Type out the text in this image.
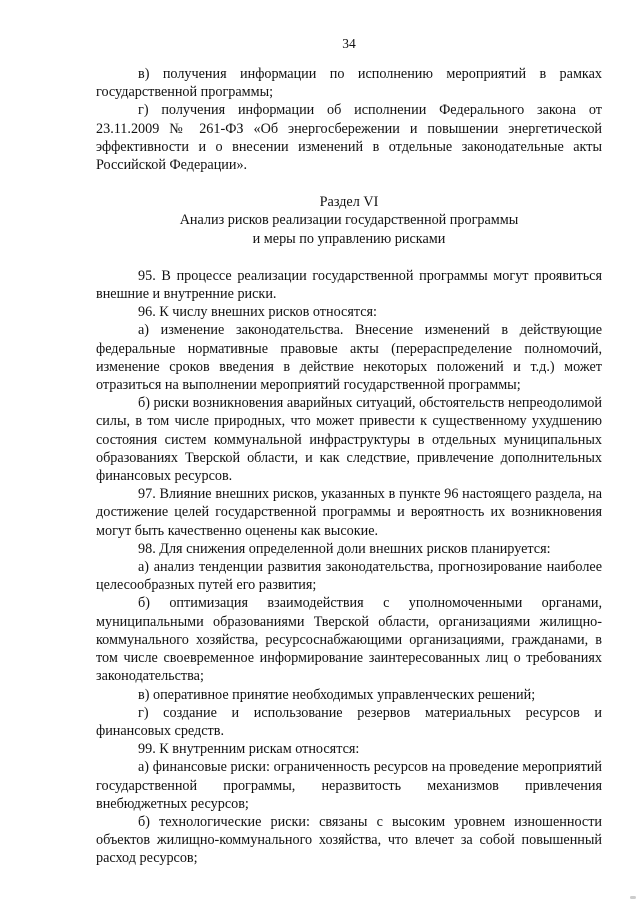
34

в) получения информации по исполнению мероприятий в рамках государственной программы;

г) получения информации об исполнении Федерального закона от 23.11.2009 № 261-ФЗ «Об энергосбережении и повышении энергетической эффективности и о внесении изменений в отдельные законодательные акты Российской Федерации».

Раздел VI

Анализ рисков реализации государственной программы

и меры по управлению рисками

95. В процессе реализации государственной программы могут проявиться внешние и внутренние риски.

96. К числу внешних рисков относятся:

а) изменение законодательства. Внесение изменений в действующие федеральные нормативные правовые акты (перераспределение полномочий, изменение сроков введения в действие некоторых положений и т.д.) может отразиться на выполнении мероприятий государственной программы;

б) риски возникновения аварийных ситуаций, обстоятельств непреодолимой силы, в том числе природных, что может привести к существенному ухудшению состояния систем коммунальной инфраструктуры в отдельных муниципальных образованиях Тверской области, и как следствие, привлечение дополнительных финансовых ресурсов.

97. Влияние внешних рисков, указанных в пункте 96 настоящего раздела, на достижение целей государственной программы и вероятность их возникновения могут быть качественно оценены как высокие.

98. Для снижения определенной доли внешних рисков планируется:

а) анализ тенденции развития законодательства, прогнозирование наиболее целесообразных путей его развития;

б) оптимизация взаимодействия с уполномоченными органами, муниципальными образованиями Тверской области, организациями жилищно-коммунального хозяйства, ресурсоснабжающими организациями, гражданами, в том числе своевременное информирование заинтересованных лиц о требованиях законодательства;

в) оперативное принятие необходимых управленческих решений;

г) создание и использование резервов материальных ресурсов и финансовых средств.

99. К внутренним рискам относятся:

а) финансовые риски: ограниченность ресурсов на проведение мероприятий государственной программы, неразвитость механизмов привлечения внебюджетных ресурсов;

б) технологические риски: связаны с высоким уровнем изношенности объектов жилищно-коммунального хозяйства, что влечет за собой повышенный расход ресурсов;
